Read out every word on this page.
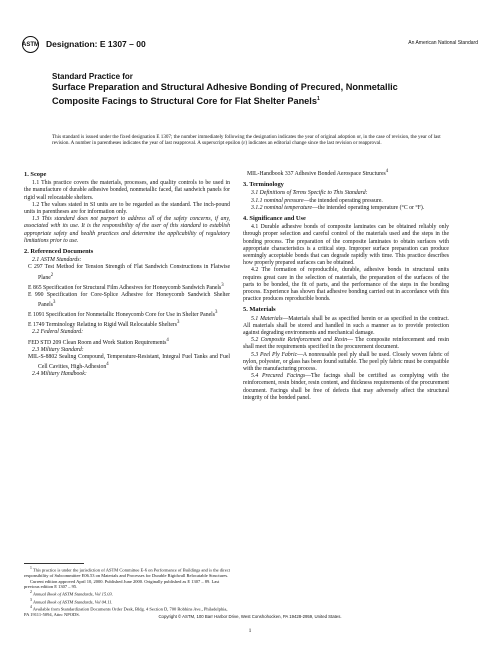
ASTM Designation: E 1307 – 00	An American National Standard
Standard Practice for
Surface Preparation and Structural Adhesive Bonding of Precured, Nonmetallic Composite Facings to Structural Core for Flat Shelter Panels$^1$
This standard is issued under the fixed designation E 1307; the number immediately following the designation indicates the year of original adoption or, in the case of revision, the year of last revision. A number in parentheses indicates the year of last reapproval. A superscript epsilon (ε) indicates an editorial change since the last revision or reapproval.
1. Scope

1.1 This practice covers the materials, processes, and quality controls to be used in the manufacture of durable adhesive bonded, nonmetallic faced, flat sandwich panels for rigid wall relocatable shelters.

1.2 The values stated in SI units are to be regarded as the standard. The inch-pound units in parentheses are for information only.

1.3 This standard does not purport to address all of the safety concerns, if any, associated with its use. It is the responsibility of the user of this standard to establish appropriate safety and health practices and determine the applicability of regulatory limitations prior to use.

2. Referenced Documents

2.1 ASTM Standards:

C 297 Test Method for Tension Strength of Flat Sandwich Constructions in Flatwise Plane$^2$

E 865 Specification for Structural Film Adhesives for Honeycomb Sandwich Panels$^3$

E 990 Specification for Core-Splice Adhesive for Honeycomb Sandwich Shelter Panels$^3$

E 1091 Specification for Nonmetallic Honeycomb Core for Use in Shelter Panels$^3$

E 1749 Terminology Relating to Rigid Wall Relocatable Shelters$^3$

2.2 Federal Standard:

FED STD 209 Clean Room and Work Station Requirements$^4$

2.3 Military Standard:

MIL-S-8802 Sealing Compound, Temperature-Resistant, Integral Fuel Tanks and Fuel Cell Cavities, High-Adhesion$^4$

2.4 Military Handbook:

$^1$ This practice is under the jurisdiction of ASTM Committee E-6 on Performance of Buildings and is the direct responsibility of Subcommittee E06.53 on Materials and Processes for Durable Rigidwall Relocatable Structures.

Current edition approved April 10, 2000. Published June 2000. Originally published as E 1307 – 89. Last previous edition E 1307 – 95.

$^2$ Annual Book of ASTM Standards, Vol 15.03.

$^3$ Annual Book of ASTM Standards, Vol 04.11.

$^4$ Available from Standardization Documents Order Desk, Bldg. 4 Section D, 700 Robbins Ave., Philadelphia, PA 19111-5094, Attn: NPODS.

MIL-Handbook 337 Adhesive Bonded Aerospace Structures$^4$

3. Terminology

3.1 Definitions of Terms Specific to This Standard:

3.1.1 nominal pressure—the intended operating pressure.

3.1.2 nominal temperature—the intended operating temperature (°C or °F).

4. Significance and Use

4.1 Durable adhesive bonds of composite laminates can be obtained reliably only through proper selection and careful control of the materials used and the steps in the bonding process. The preparation of the composite laminates to obtain surfaces with appropriate characteristics is a critical step. Improper surface preparation can produce seemingly acceptable bonds that can degrade rapidly with time. This practice describes how properly prepared surfaces can be obtained.

4.2 The formation of reproducible, durable, adhesive bonds in structural units requires great care in the selection of materials, the preparation of the surfaces of the parts to be bonded, the fit of parts, and the performance of the steps in the bonding process. Experience has shown that adhesive bonding carried out in accordance with this practice produces reproducible bonds.

5. Materials

5.1 Materials—Materials shall be as specified herein or as specified in the contract. All materials shall be stored and handled in such a manner as to provide protection against degrading environments and mechanical damage.

5.2 Composite Reinforcement and Resin— The composite reinforcement and resin shall meet the requirements specified in the procurement document.

5.3 Peel Ply Fabric—A nonreusable peel ply shall be used. Closely woven fabric of nylon, polyester, or glass has been found suitable. The peel ply fabric must be compatible with the manufacturing process.

5.4 Precured Facings—The facings shall be certified as complying with the reinforcement, resin binder, resin content, and thickness requirements of the procurement document. Facings shall be free of defects that may adversely affect the structural integrity of the bonded panel.

Copyright © ASTM, 100 Barr Harbor Drive, West Conshohocken, PA 19428-2959, United States.
1
